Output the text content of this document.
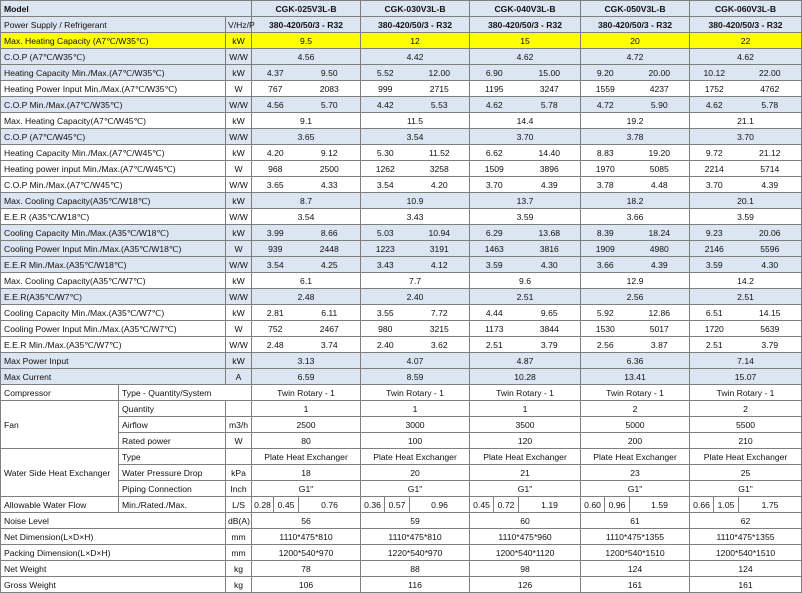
Model			CGK-025V3L-B			CGK-030V3L-B			CGK-040V3L-B			CGK-050V3L-B			CGK-060V3L-B		
Power Supply / Refrigerant		V/Hz/P	380-420/50/3 - R32			380-420/50/3 - R32			380-420/50/3 - R32			380-420/50/3 - R32			380-420/50/3 - R32		
Max. Heating Capacity (A7℃/W35℃)		kW	9.5			12			15			20			22		
C.O.P (A7℃/W35℃)		W/W	4.56			4.42			4.62			4.72			4.62		
Heating Capacity Min./Max.(A7℃/W35℃)		kW	4.37		9.50	5.52		12.00	6.90		15.00	9.20		20.00	10.12		22.00
Heating Power Input Min./Max.(A7℃/W35℃)		W	767		2083	999		2715	1195		3247	1559		4237	1752		4762
C.O.P Min./Max.(A7℃/W35℃)		W/W	4.56		5.70	4.42		5.53	4.62		5.78	4.72		5.90	4.62		5.78
Max. Heating Capacity(A7℃/W45℃)		kW	9.1			11.5			14.4			19.2			21.1		
C.O.P (A7℃/W45℃)		W/W	3.65			3.54			3.70			3.78			3.70		
Heating Capacity Min./Max.(A7℃/W45℃)		kW	4.20		9.12	5.30		11.52	6.62		14.40	8.83		19.20	9.72		21.12
Heating power input Min./Max.(A7℃/W45℃)		W	968		2500	1262		3258	1509		3896	1970		5085	2214		5714
C.O.P Min./Max.(A7℃/W45℃)		W/W	3.65		4.33	3.54		4.20	3.70		4.39	3.78		4.48	3.70		4.39
Max. Cooling Capacity(A35℃/W18℃)		kW	8.7			10.9			13.7			18.2			20.1		
E.E.R (A35℃/W18℃)		W/W	3.54			3.43			3.59			3.66			3.59		
Cooling Capacity Min./Max.(A35℃/W18℃)		kW	3.99		8.66	5.03		10.94	6.29		13.68	8.39		18.24	9.23		20.06
Cooling Power Input Min./Max.(A35℃/W18℃)		W	939		2448	1223		3191	1463		3816	1909		4980	2146		5596
E.E.R Min./Max.(A35℃/W18℃)		W/W	3.54		4.25	3.43		4.12	3.59		4.30	3.66		4.39	3.59		4.30
Max. Cooling Capacity(A35℃/W7℃)		kW	6.1			7.7			9.6			12.9			14.2		
E.E.R(A35℃/W7℃)		W/W	2.48			2.40			2.51			2.56			2.51		
Cooling Capacity Min./Max.(A35℃/W7℃)		kW	2.81		6.11	3.55		7.72	4.44		9.65	5.92		12.86	6.51		14.15
Cooling Power Input Min./Max.(A35℃/W7℃)		W	752		2467	980		3215	1173		3844	1530		5017	1720		5639
E.E.R Min./Max.(A35℃/W7℃)		W/W	2.48		3.74	2.40		3.62	2.51		3.79	2.56		3.87	2.51		3.79
Max Power Input		kW	3.13			4.07			4.87			6.36			7.14		
Max Current		A	6.59			8.59			10.28			13.41			15.07		
Compressor	Type - Quantity/System		Twin Rotary - 1			Twin Rotary - 1			Twin Rotary - 1			Twin Rotary - 1			Twin Rotary - 1		
Fan	Quantity		1			1			1			2			2		
	Airflow	m3/h	2500			3000			3500			5000			5500		
	Rated power	W	80			100			120			200			210		
Water Side Heat Exchanger	Type		Plate Heat Exchanger			Plate Heat Exchanger			Plate Heat Exchanger			Plate Heat Exchanger			Plate Heat Exchanger		
	Water Pressure Drop	kPa	18			20			21			23			25		
	Piping Connection	Inch	G1"			G1"			G1"			G1"			G1"		
Allowable Water Flow	Min./Rated./Max.	L/S	0.28	0.45	0.76	0.36	0.57	0.96	0.45	0.72	1.19	0.60	0.96	1.59	0.66	1.05	1.75
Noise Level		dB(A)	56			59			60			61			62		
Net Dimension(L×D×H)		mm	1110*475*810			1110*475*810			1110*475*960			1110*475*1355			1110*475*1355		
Packing Dimension(L×D×H)		mm	1200*540*970			1220*540*970			1200*540*1120			1200*540*1510			1200*540*1510		
Net Weight		kg	78			88			98			124			124		
Gross Weight		kg	106			116			126			161			161		
